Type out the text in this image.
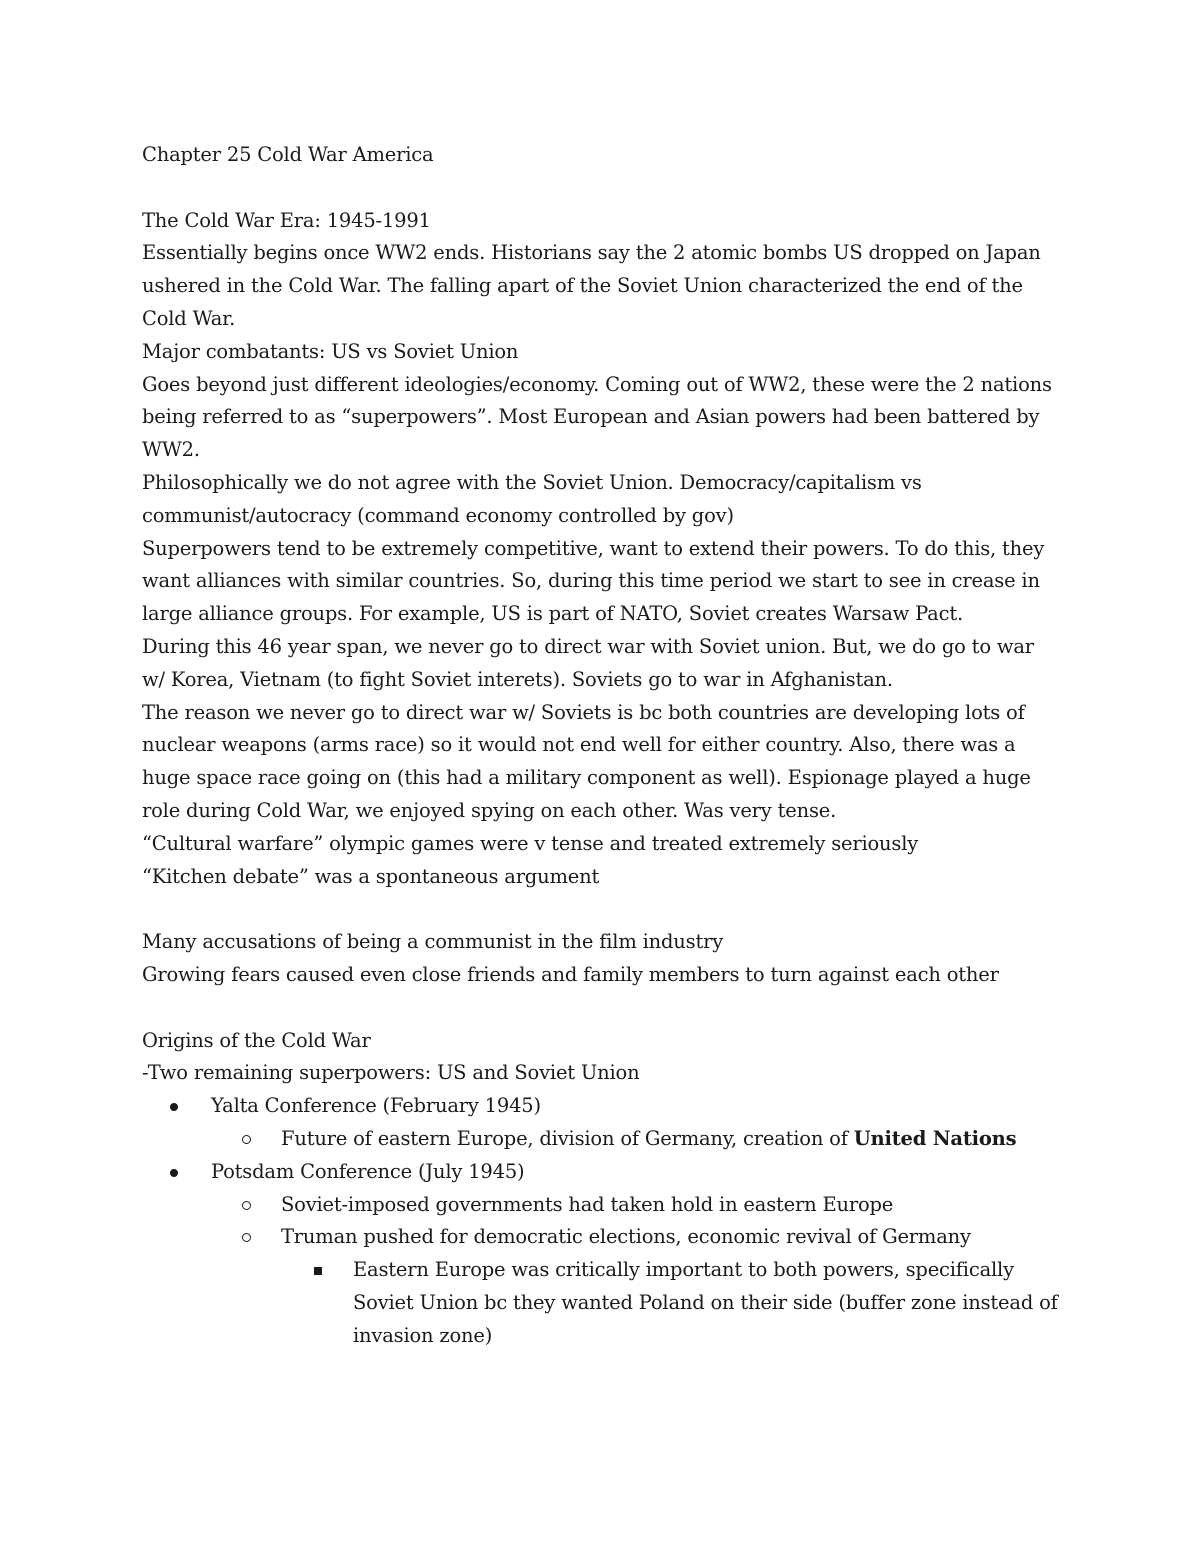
Chapter 25 Cold War America

The Cold War Era: 1945-1991

Essentially begins once WW2 ends. Historians say the 2 atomic bombs US dropped on Japan ushered in the Cold War. The falling apart of the Soviet Union characterized the end of the Cold War.

Major combatants: US vs Soviet Union

Goes beyond just different ideologies/economy. Coming out of WW2, these were the 2 nations being referred to as “superpowers”. Most European and Asian powers had been battered by WW2.

Philosophically we do not agree with the Soviet Union. Democracy/capitalism vs communist/autocracy (command economy controlled by gov)

Superpowers tend to be extremely competitive, want to extend their powers. To do this, they want alliances with similar countries. So, during this time period we start to see in crease in large alliance groups. For example, US is part of NATO, Soviet creates Warsaw Pact.

During this 46 year span, we never go to direct war with Soviet union. But, we do go to war w/ Korea, Vietnam (to fight Soviet interets). Soviets go to war in Afghanistan.

The reason we never go to direct war w/ Soviets is bc both countries are developing lots of nuclear weapons (arms race) so it would not end well for either country. Also, there was a huge space race going on (this had a military component as well). Espionage played a huge role during Cold War, we enjoyed spying on each other. Was very tense.

“Cultural warfare” olympic games were v tense and treated extremely seriously

“Kitchen debate” was a spontaneous argument

Many accusations of being a communist in the film industry

Growing fears caused even close friends and family members to turn against each other

Origins of the Cold War

-Two remaining superpowers: US and Soviet Union

Yalta Conference (February 1945)
Future of eastern Europe, division of Germany, creation of United Nations
Potsdam Conference (July 1945)
Soviet-imposed governments had taken hold in eastern Europe
Truman pushed for democratic elections, economic revival of Germany
Eastern Europe was critically important to both powers, specifically Soviet Union bc they wanted Poland on their side (buffer zone instead of invasion zone)
